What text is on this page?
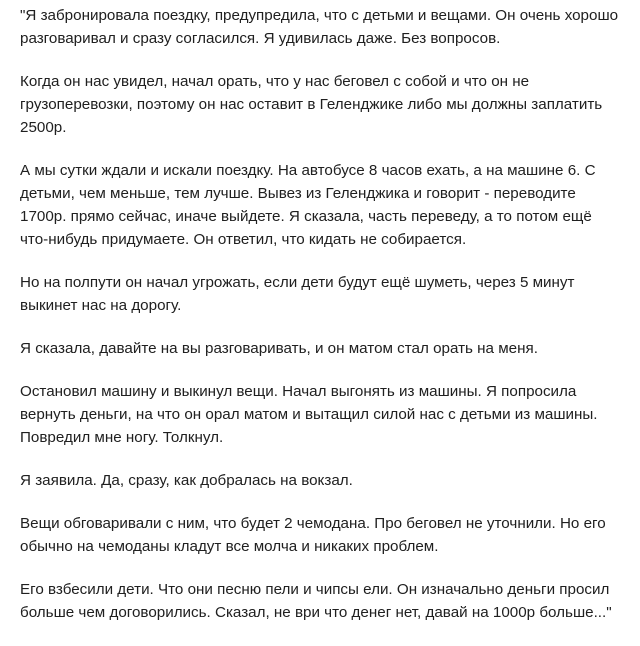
"Я забронировала поездку, предупредила, что с детьми и вещами. Он очень хорошо разговаривал и сразу согласился. Я удивилась даже. Без вопросов.

Когда он нас увидел, начал орать, что у нас беговел с собой и что он не грузоперевозки, поэтому он нас оставит в Геленджике либо мы должны заплатить 2500р.

А мы сутки ждали и искали поездку. На автобусе 8 часов ехать, а на машине 6. С детьми, чем меньше, тем лучше. Вывез из Геленджика и говорит - переводите 1700р. прямо сейчас, иначе выйдете. Я сказала, часть переведу, а то потом ещё что-нибудь придумаете. Он ответил, что кидать не собирается.

Но на полпути он начал угрожать, если дети будут ещё шуметь, через 5 минут выкинет нас на дорогу.

Я сказала, давайте на вы разговаривать, и он матом стал орать на меня.

Остановил машину и выкинул вещи. Начал выгонять из машины. Я попросила вернуть деньги, на что он орал матом и вытащил силой нас с детьми из машины. Повредил мне ногу. Толкнул.

Я заявила. Да, сразу, как добралась на вокзал.

Вещи обговаривали с ним, что будет 2 чемодана. Про беговел не уточнили. Но его обычно на чемоданы кладут все молча и никаких проблем.

Его взбесили дети. Что они песню пели и чипсы ели. Он изначально деньги просил больше чем договорились. Сказал, не ври что денег нет, давай на 1000р больше..."
